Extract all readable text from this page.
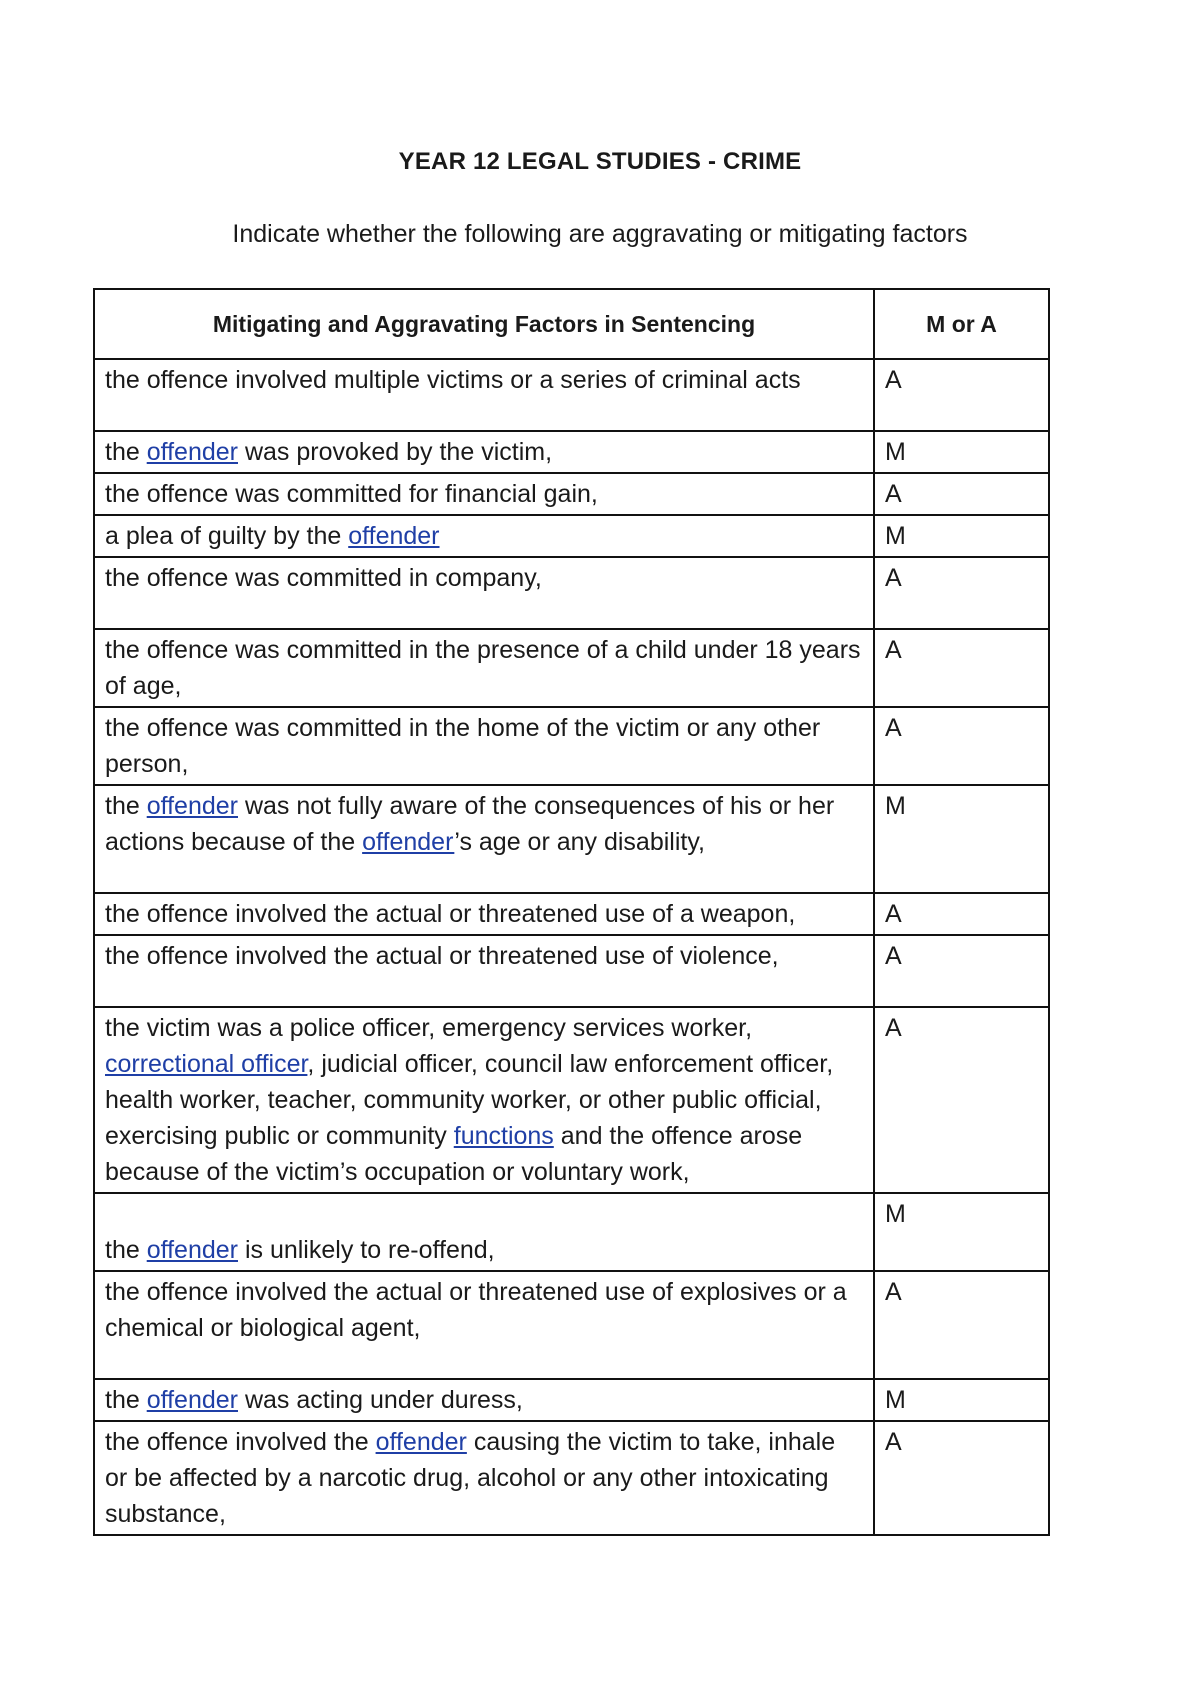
YEAR 12 LEGAL STUDIES - CRIME
Indicate whether the following are aggravating or mitigating factors
Mitigating and Aggravating Factors in Sentencing	M or A
the offence involved multiple victims or a series of criminal acts	A
the offender was provoked by the victim,	M
the offence was committed for financial gain,	A
a plea of guilty by the offender	M
the offence was committed in company,	A
the offence was committed in the presence of a child under 18 years of age,	A
the offence was committed in the home of the victim or any other person,	A
the offender was not fully aware of the consequences of his or her actions because of the offender’s age or any disability,	M
the offence involved the actual or threatened use of a weapon,	A
the offence involved the actual or threatened use of violence,	A
the victim was a police officer, emergency services worker, correctional officer, judicial officer, council law enforcement officer, health worker, teacher, community worker, or other public official, exercising public or community functions and the offence arose because of the victim’s occupation or voluntary work,	A

the offender is unlikely to re-offend,	M
the offence involved the actual or threatened use of explosives or a chemical or biological agent,	A
the offender was acting under duress,	M
the offence involved the offender causing the victim to take, inhale or be affected by a narcotic drug, alcohol or any other intoxicating substance,	A
